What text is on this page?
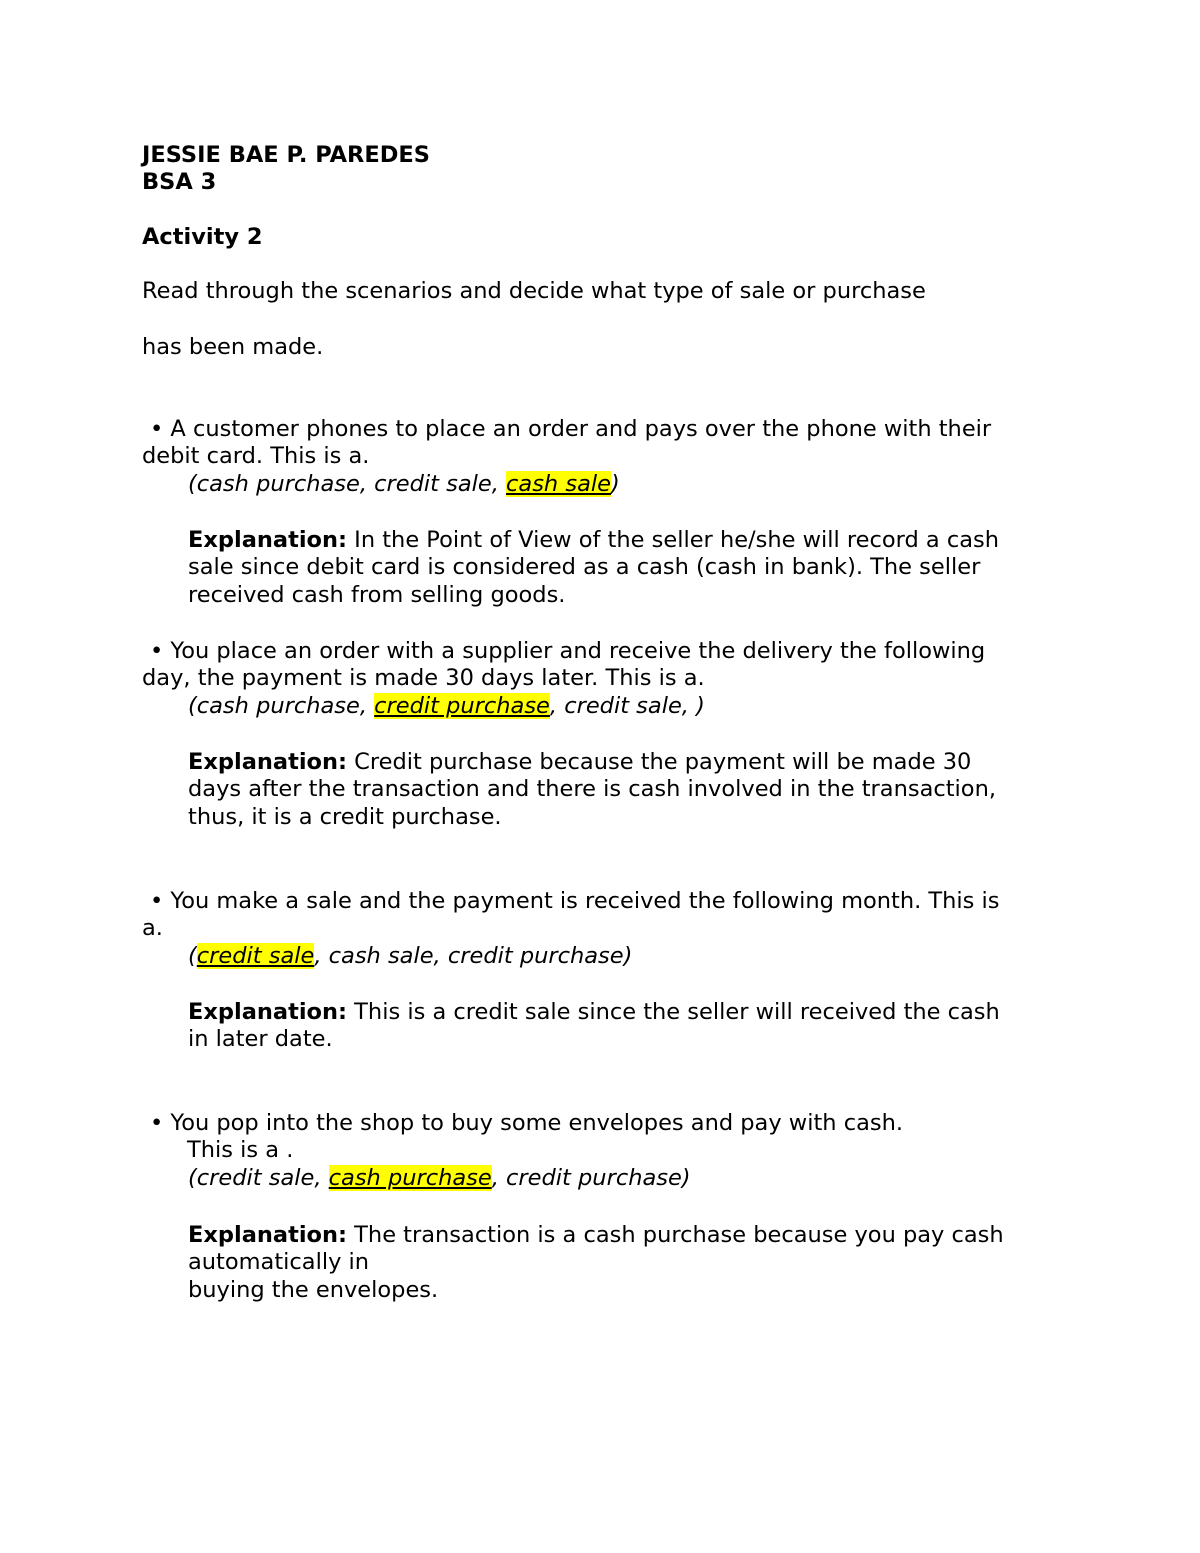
JESSIE BAE P. PAREDES
BSA 3
Activity 2
Read through the scenarios and decide what type of sale or purchase
has been made.
• A customer phones to place an order and pays over the phone with their
debit card. This is a.
(cash purchase, credit sale, cash sale)
Explanation: In the Point of View of the seller he/she will record a cash
sale since debit card is considered as a cash (cash in bank). The seller
received cash from selling goods.
• You place an order with a supplier and receive the delivery the following
day, the payment is made 30 days later. This is a.
(cash purchase, credit purchase, credit sale, )
Explanation: Credit purchase because the payment will be made 30
days after the transaction and there is cash involved in the transaction,
thus, it is a credit purchase.
• You make a sale and the payment is received the following month. This is
a.
(credit sale, cash sale, credit purchase)
Explanation: This is a credit sale since the seller will received the cash
in later date.
• You pop into the shop to buy some envelopes and pay with cash.
This is a .
(credit sale, cash purchase, credit purchase)
Explanation: The transaction is a cash purchase because you pay cash
automatically in
buying the envelopes.
